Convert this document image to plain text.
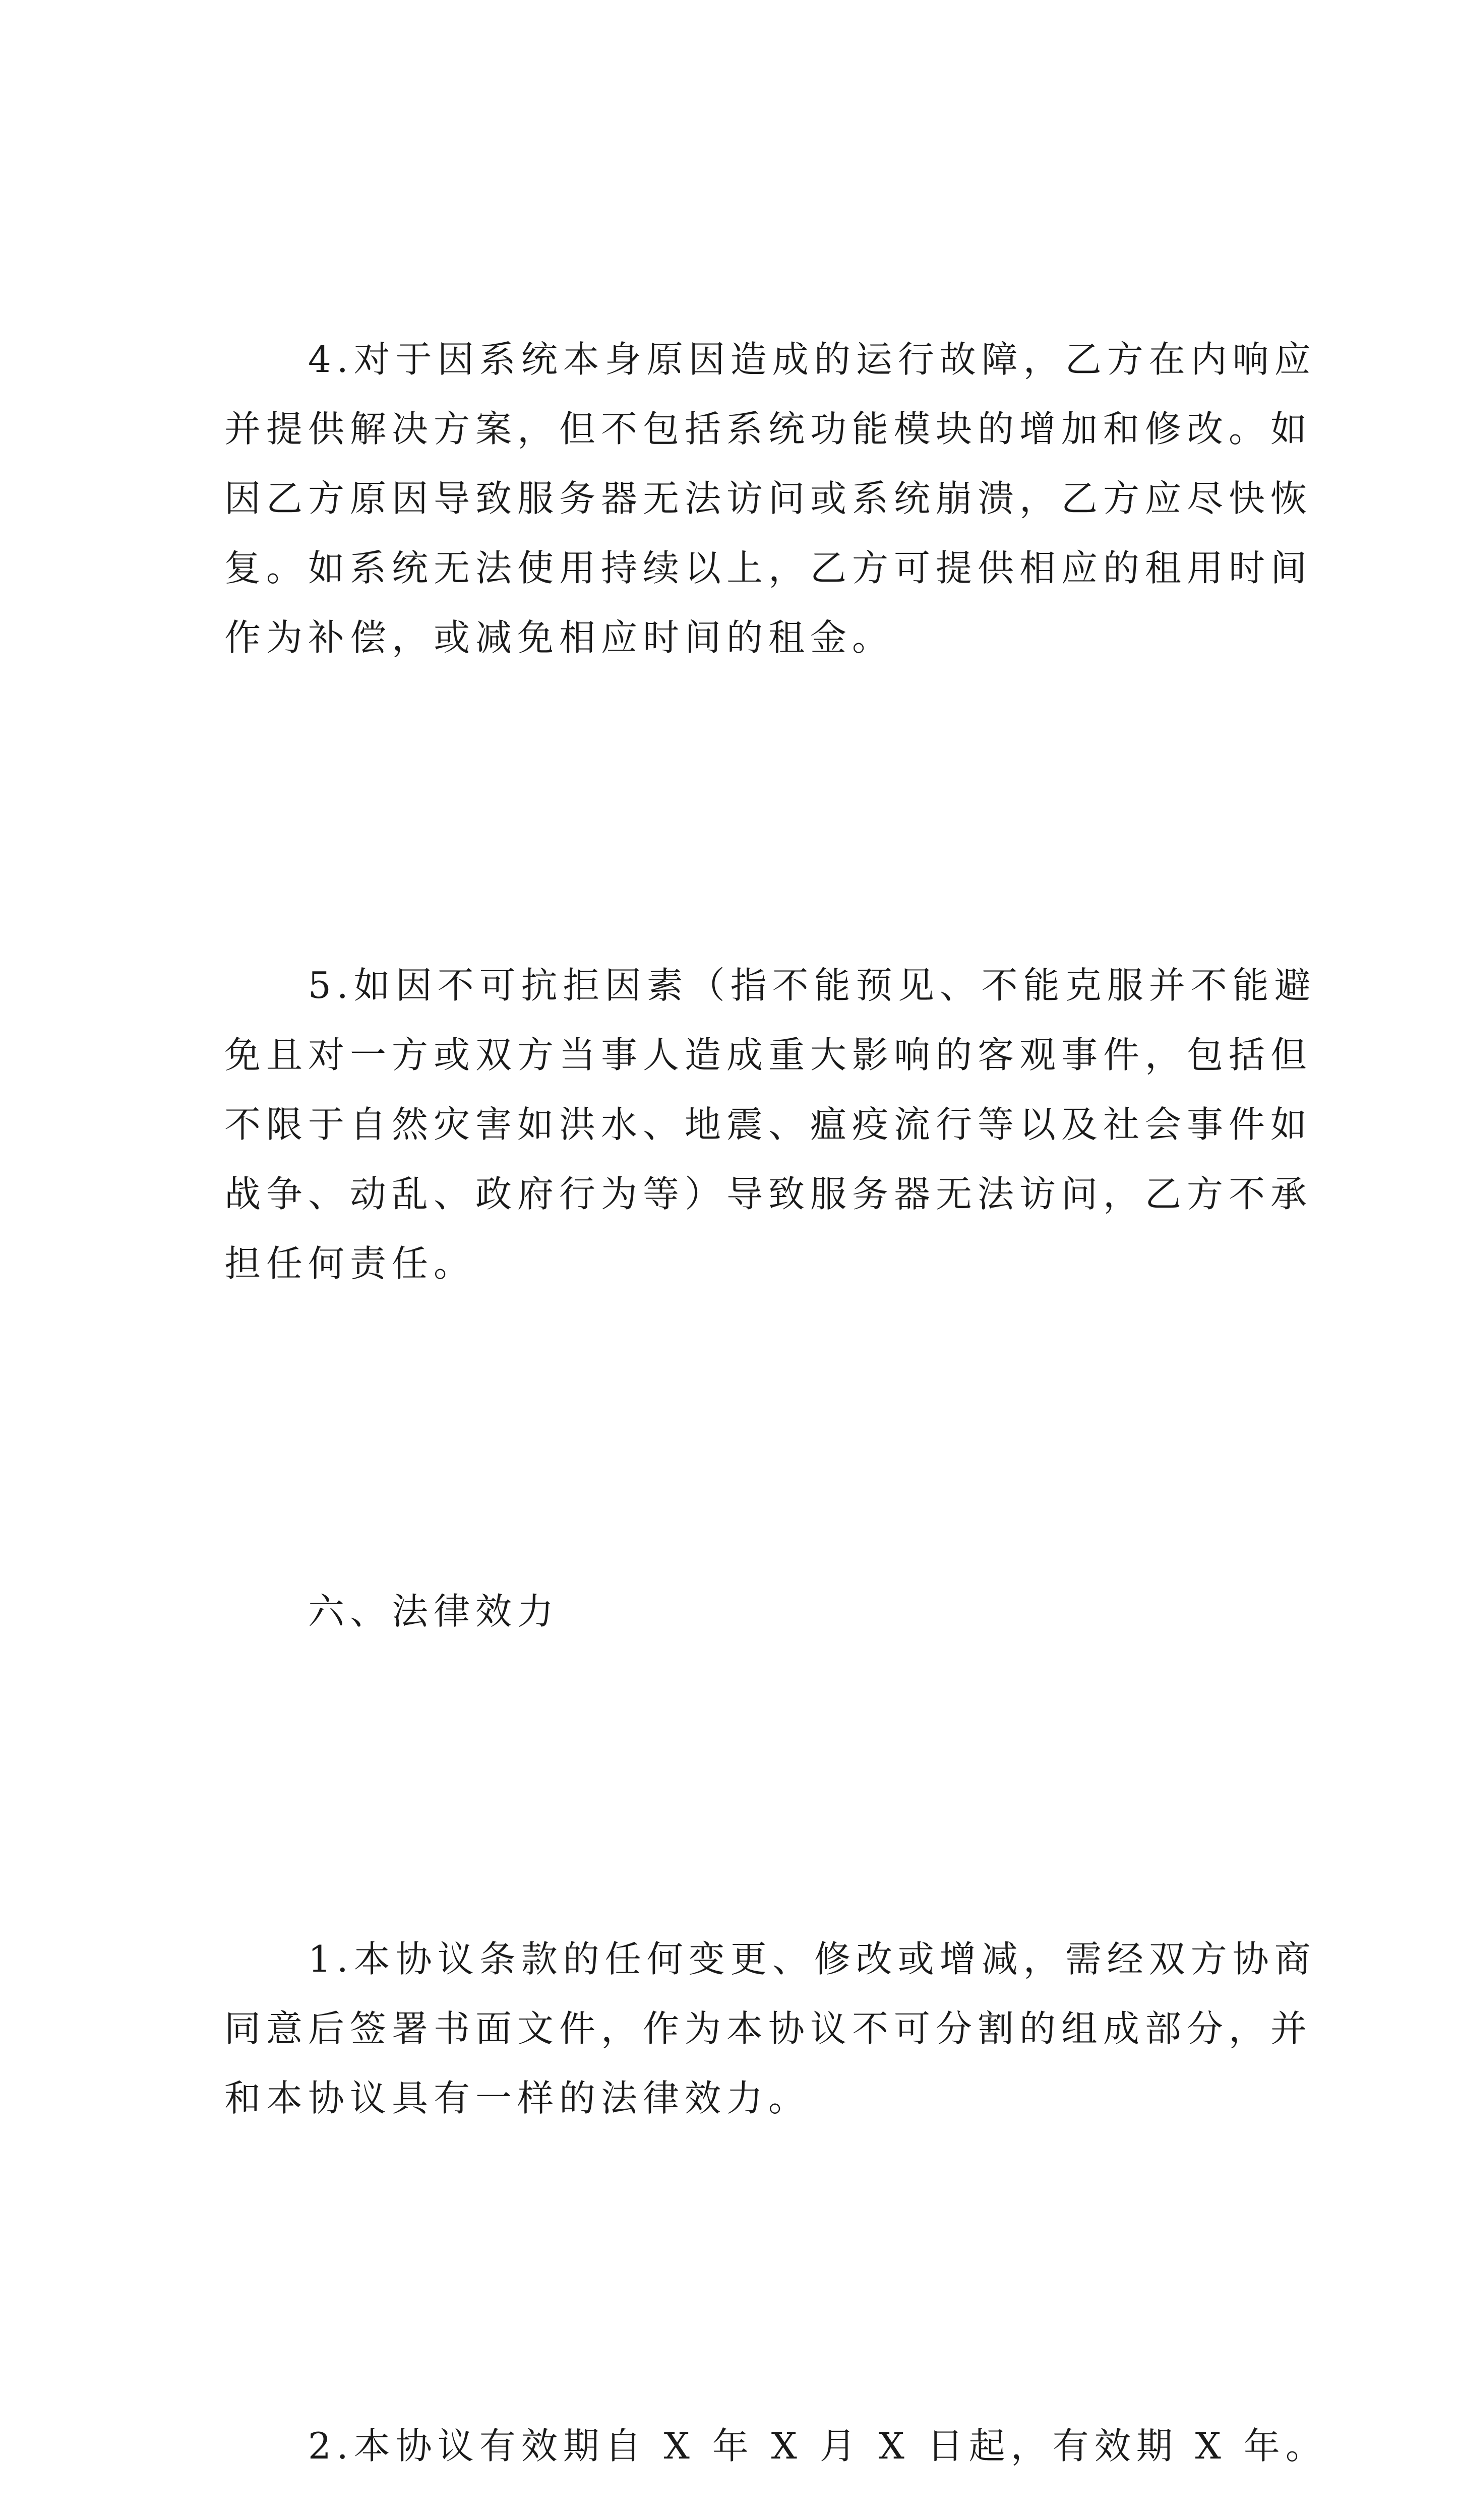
4.对于因系统本身原因造成的运行故障，乙方在内响应
并提供解决方案，但不包括系统功能模块的增加和修改。如
因乙方原因导致服务器无法访问或系统崩溃，乙方应尽快恢
复。如系统无法使用持续以上，乙方可提供相应的租用时间
作为补偿，或减免相应时间的租金。

5.如因不可抗拒因素（指不能预见、不能克服并不能避
免且对一方或双方当事人造成重大影响的客观事件，包括但
不限于自然灾害如洪水、地震、瘟疫流行等以及社会事件如
战争、动乱、政府行为等）导致服务器无法访问，乙方不承
担任何责任。

六、法律效力

1.本协议条款的任何变更、修改或增减，需经双方协商
同意后签署书面文件，作为本协议不可分割的组成部分，并
和本协议具有一样的法律效力。

2.本协议有效期自 X 年 X 月 X 日起，有效期 X 年。
